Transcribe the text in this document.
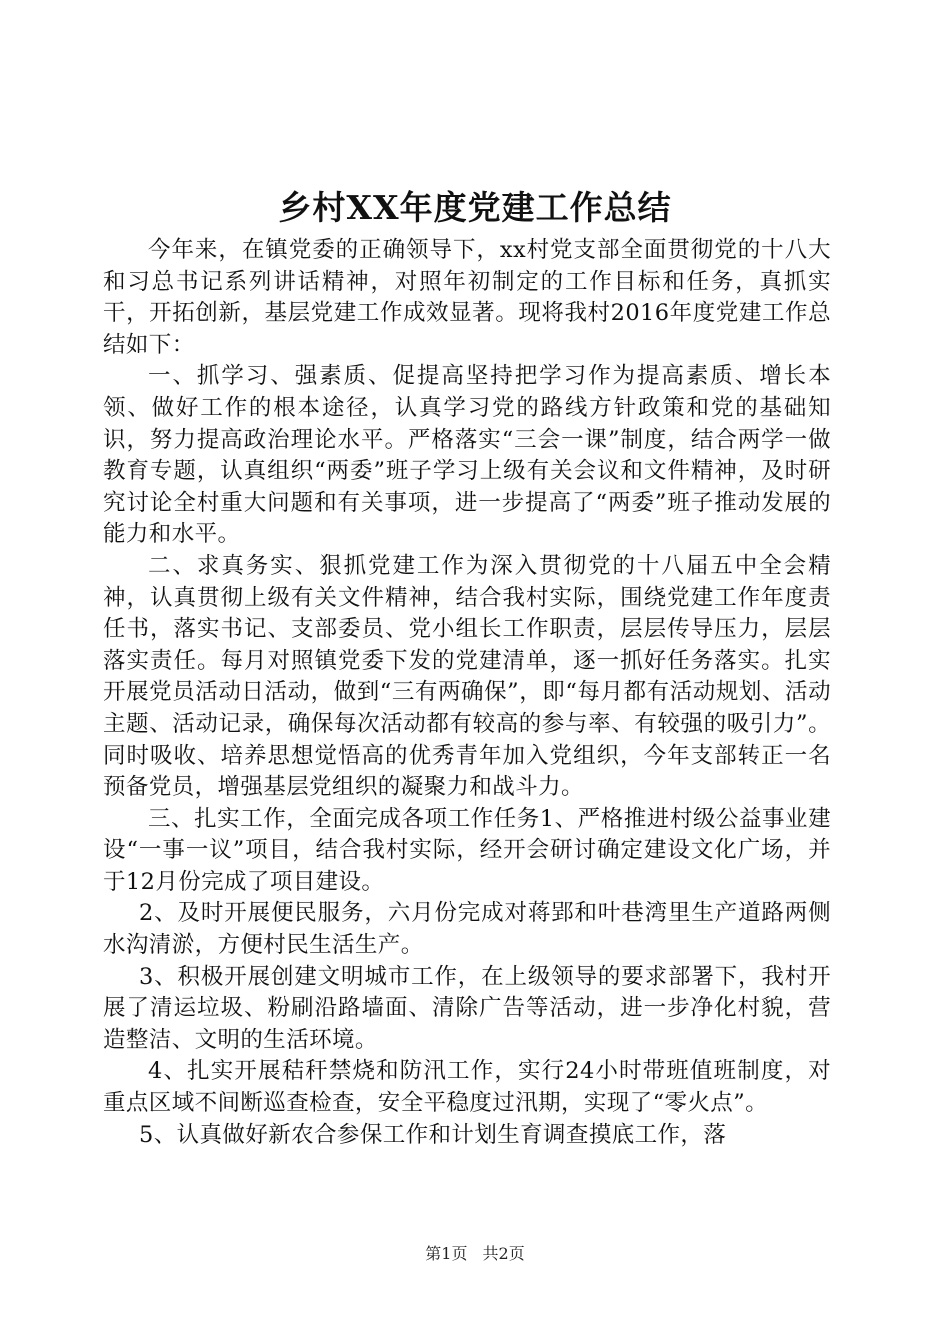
乡村XX年度党建工作总结

今年来，在镇党委的正确领导下，xx村党支部全面贯彻党的十八大和习总书记系列讲话精神，对照年初制定的工作目标和任务，真抓实干，开拓创新，基层党建工作成效显著。现将我村2016年度党建工作总结如下：

一、抓学习、强素质、促提高坚持把学习作为提高素质、增长本领、做好工作的根本途径，认真学习党的路线方针政策和党的基础知识，努力提高政治理论水平。严格落实“三会一课”制度，结合两学一做教育专题，认真组织“两委”班子学习上级有关会议和文件精神，及时研究讨论全村重大问题和有关事项，进一步提高了“两委”班子推动发展的能力和水平。

二、求真务实、狠抓党建工作为深入贯彻党的十八届五中全会精神，认真贯彻上级有关文件精神，结合我村实际，围绕党建工作年度责任书，落实书记、支部委员、党小组长工作职责，层层传导压力，层层落实责任。每月对照镇党委下发的党建清单，逐一抓好任务落实。扎实开展党员活动日活动，做到“三有两确保”，即“每月都有活动规划、活动主题、活动记录，确保每次活动都有较高的参与率、有较强的吸引力”。同时吸收、培养思想觉悟高的优秀青年加入党组织，今年支部转正一名预备党员，增强基层党组织的凝聚力和战斗力。

三、扎实工作，全面完成各项工作任务1、严格推进村级公益事业建设“一事一议”项目，结合我村实际，经开会研讨确定建设文化广场，并于12月份完成了项目建设。

2、及时开展便民服务，六月份完成对蒋郢和叶巷湾里生产道路两侧水沟清淤，方便村民生活生产。

3、积极开展创建文明城市工作，在上级领导的要求部署下，我村开展了清运垃圾、粉刷沿路墙面、清除广告等活动，进一步净化村貌，营造整洁、文明的生活环境。

4、扎实开展秸秆禁烧和防汛工作，实行24小时带班值班制度，对重点区域不间断巡查检查，安全平稳度过汛期，实现了“零火点”。

5、认真做好新农合参保工作和计划生育调查摸底工作，落

第1页 共2页
